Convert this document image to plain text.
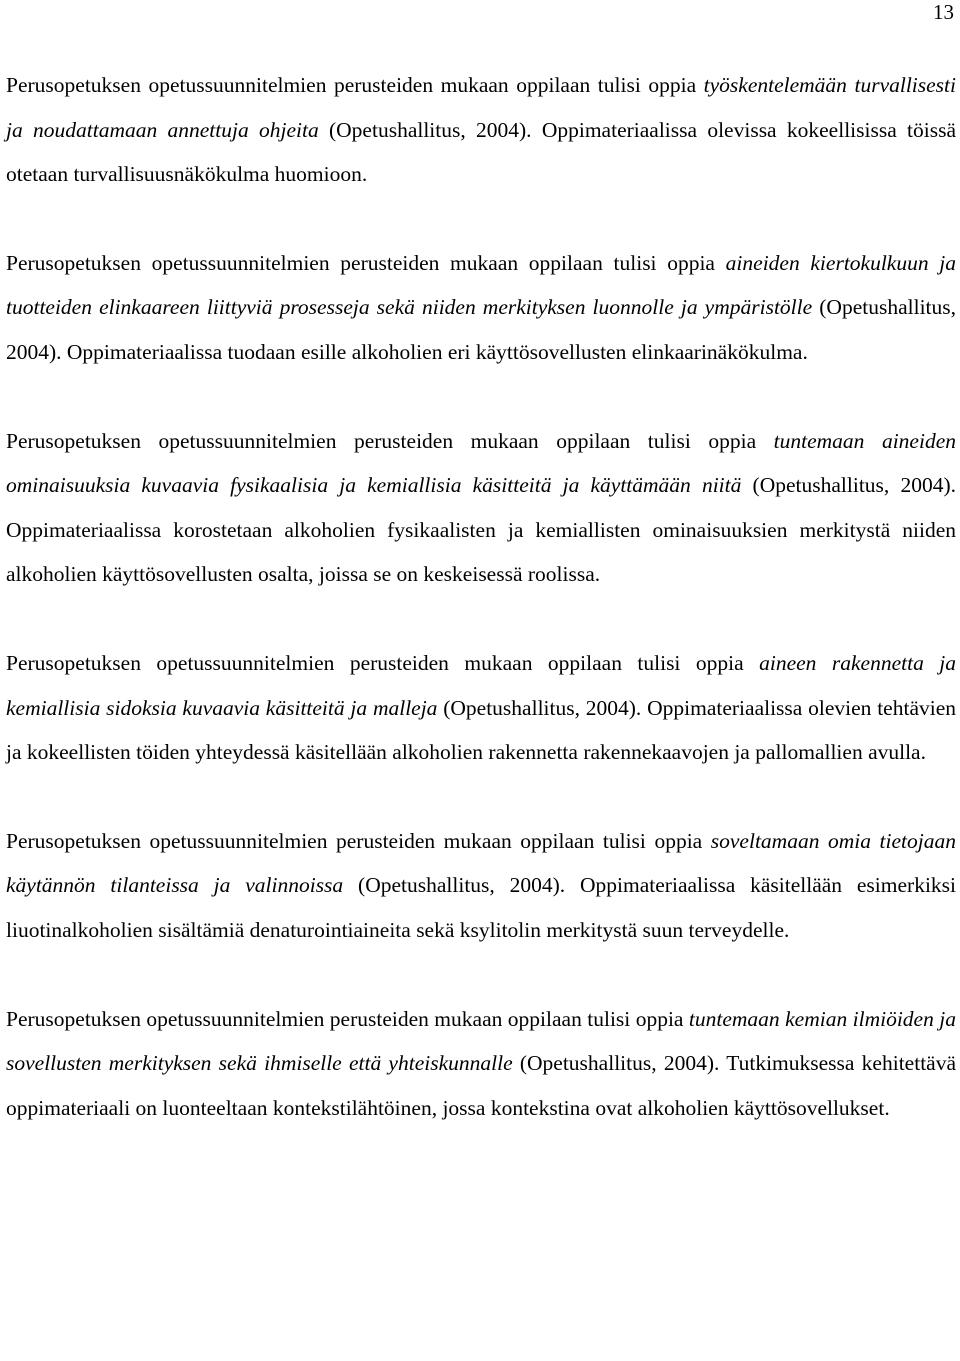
13

Perusopetuksen opetussuunnitelmien perusteiden mukaan oppilaan tulisi oppia työskentelemään turvallisesti ja noudattamaan annettuja ohjeita (Opetushallitus, 2004). Oppimateriaalissa olevissa kokeellisissa töissä otetaan turvallisuusnäkökulma huomioon.

Perusopetuksen opetussuunnitelmien perusteiden mukaan oppilaan tulisi oppia aineiden kiertokulkuun ja tuotteiden elinkaareen liittyviä prosesseja sekä niiden merkityksen luonnolle ja ympäristölle (Opetushallitus, 2004). Oppimateriaalissa tuodaan esille alkoholien eri käyttösovellusten elinkaarinäkökulma.

Perusopetuksen opetussuunnitelmien perusteiden mukaan oppilaan tulisi oppia tuntemaan aineiden ominaisuuksia kuvaavia fysikaalisia ja kemiallisia käsitteitä ja käyttämään niitä (Opetushallitus, 2004). Oppimateriaalissa korostetaan alkoholien fysikaalisten ja kemiallisten ominaisuuksien merkitystä niiden alkoholien käyttösovellusten osalta, joissa se on keskeisessä roolissa.

Perusopetuksen opetussuunnitelmien perusteiden mukaan oppilaan tulisi oppia aineen rakennetta ja kemiallisia sidoksia kuvaavia käsitteitä ja malleja (Opetushallitus, 2004). Oppimateriaalissa olevien tehtävien ja kokeellisten töiden yhteydessä käsitellään alkoholien rakennetta rakennekaavojen ja pallomallien avulla.

Perusopetuksen opetussuunnitelmien perusteiden mukaan oppilaan tulisi oppia soveltamaan omia tietojaan käytännön tilanteissa ja valinnoissa (Opetushallitus, 2004). Oppimateriaalissa käsitellään esimerkiksi liuotinalkoholien sisältämiä denaturointiaineita sekä ksylitolin merkitystä suun terveydelle.

Perusopetuksen opetussuunnitelmien perusteiden mukaan oppilaan tulisi oppia tuntemaan kemian ilmiöiden ja sovellusten merkityksen sekä ihmiselle että yhteiskunnalle (Opetushallitus, 2004). Tutkimuksessa kehitettävä oppimateriaali on luonteeltaan kontekstilähtöinen, jossa kontekstina ovat alkoholien käyttösovellukset.
